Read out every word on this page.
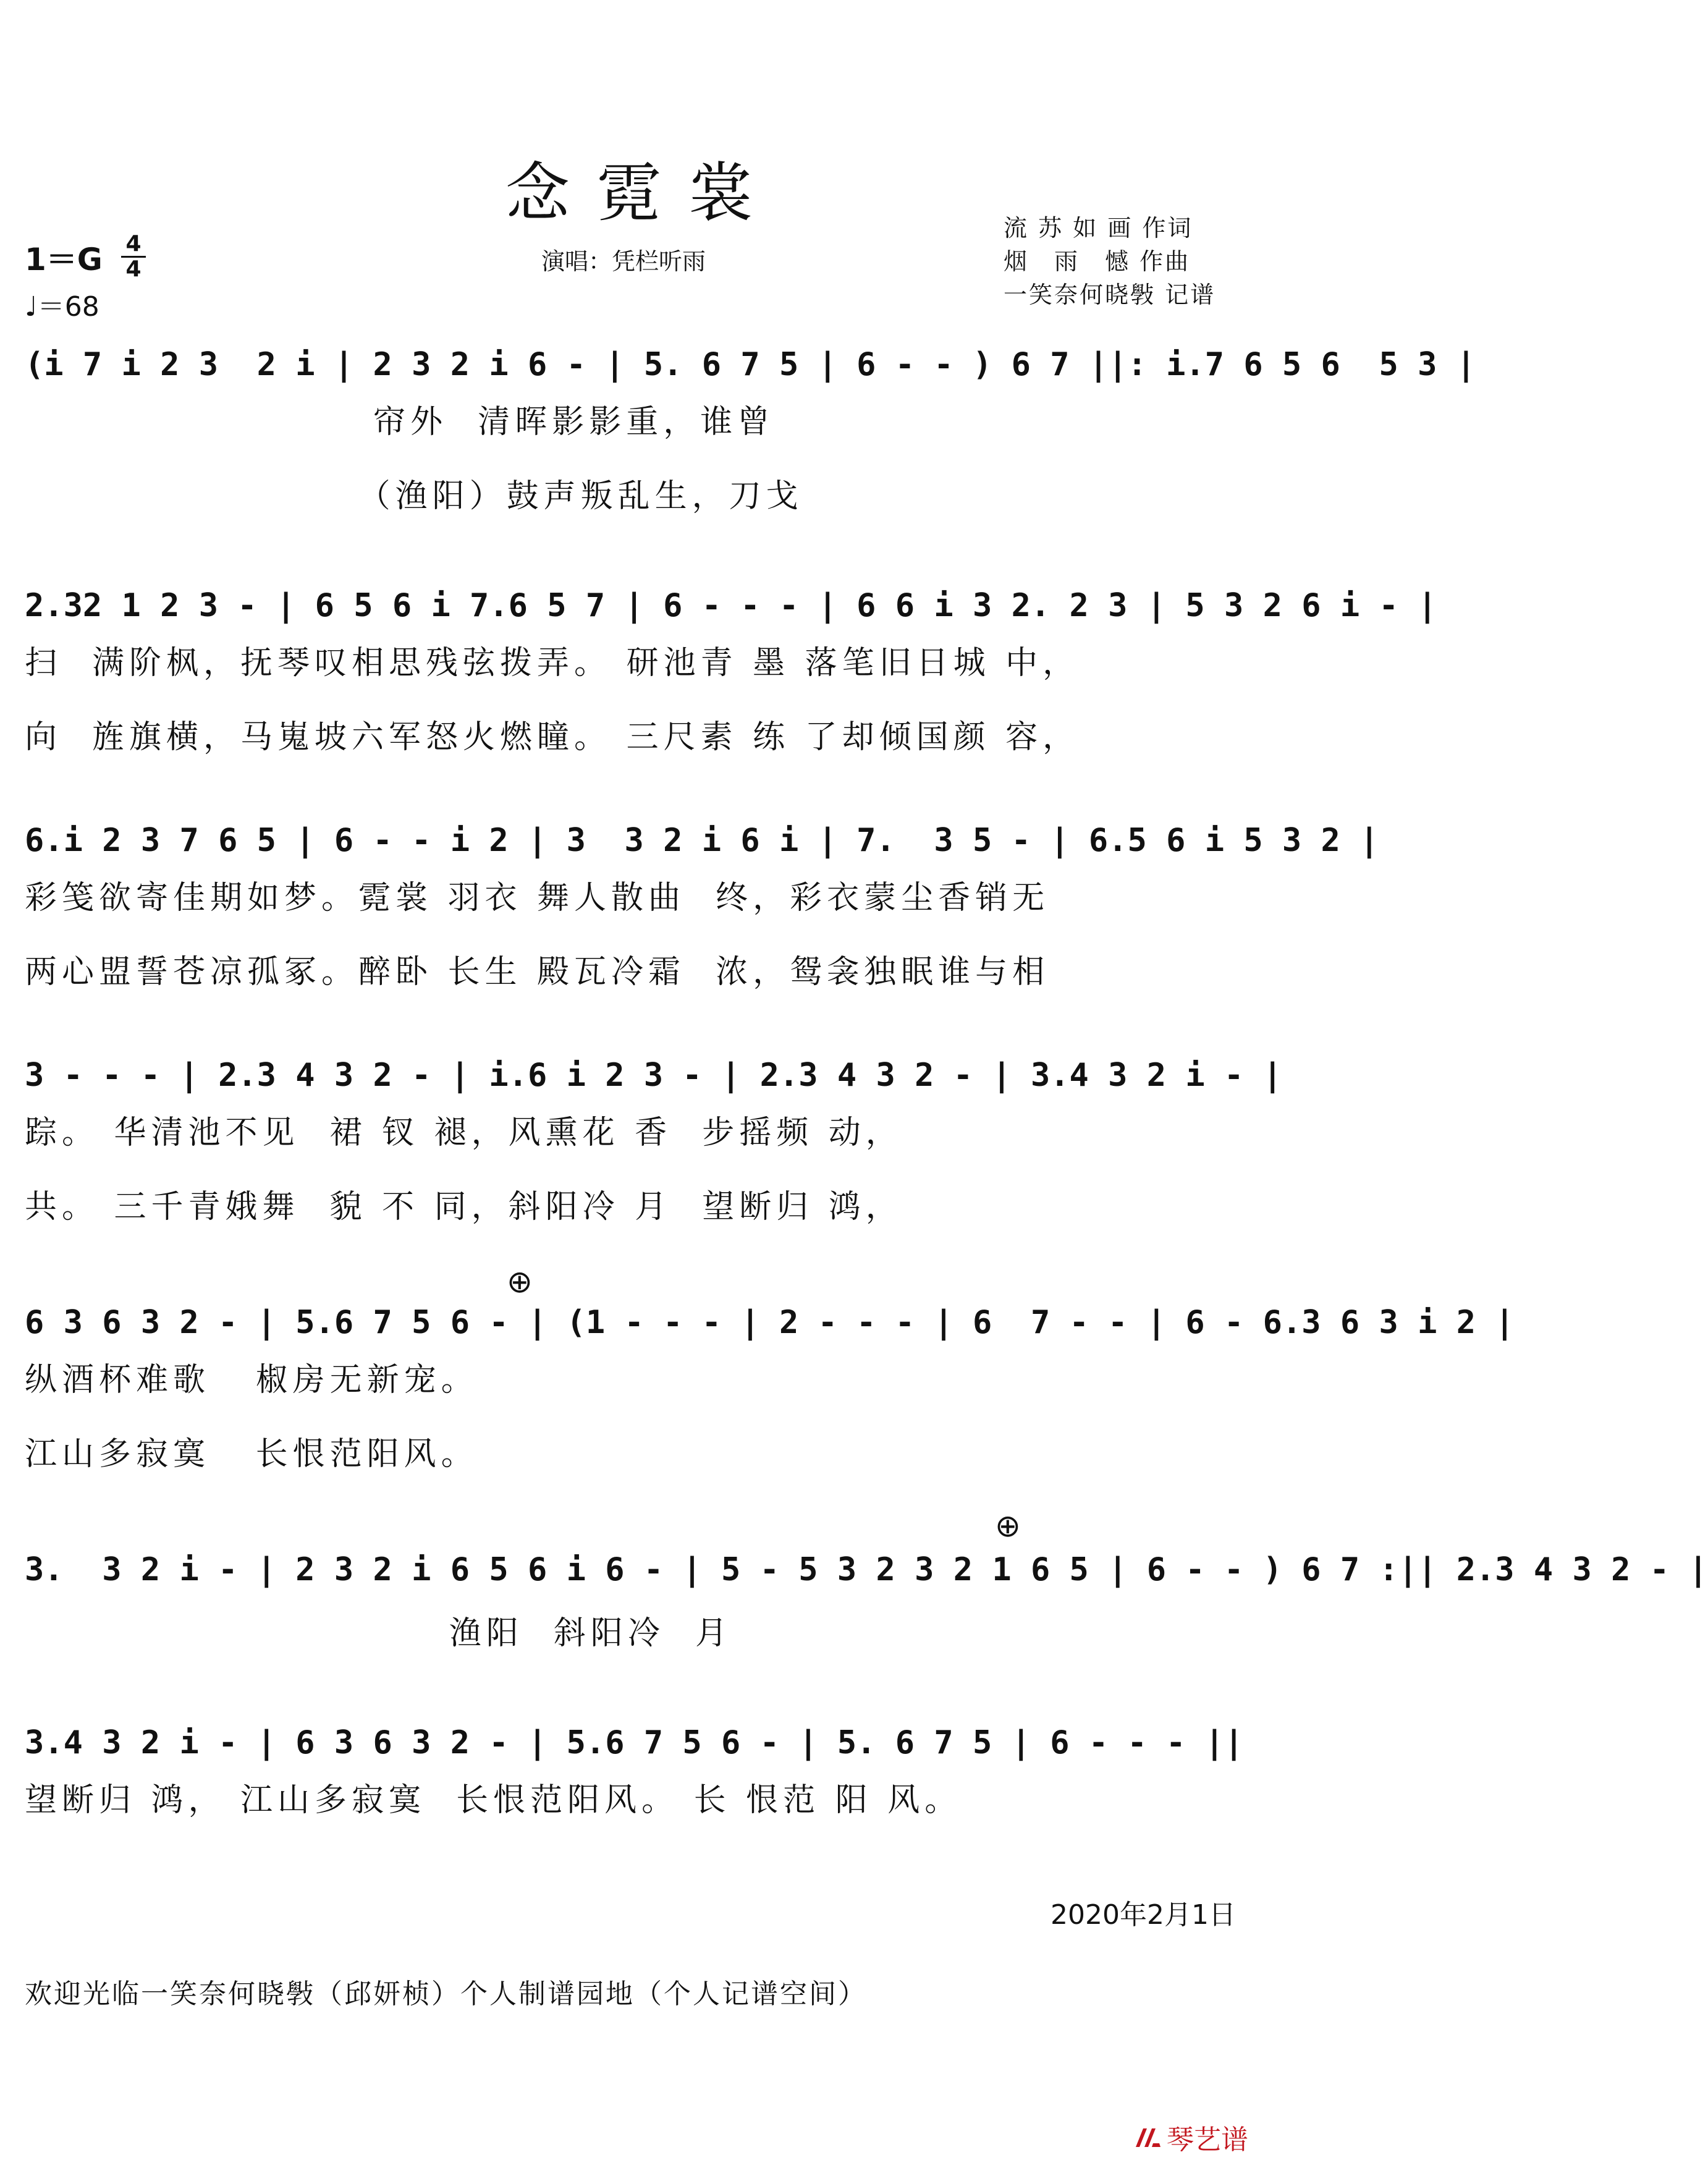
念霓裳
1＝G 4
4
♩＝68
演唱：凭栏听雨
流 苏 如 画 作词
烟　雨　憾 作曲
一笑奈何晓斅 记谱
(i 7 i 2 3  2 i | 2 3 2 i 6 - | 5. 6 7 5 | 6 - - ) 6 7 ||: i.7 6 5 6  5 3 |
帘外  清晖影影重，谁曾
（渔阳）鼓声叛乱生，刀戈
2.32 1 2 3 - | 6 5 6 i 7.6 5 7 | 6 - - - | 6 6 i 3 2. 2 3 | 5 3 2 6 i - |
扫  满阶枫，抚琴叹相思残弦拨弄。 研池青 墨 落笔旧日城 中，
向  旌旗横，马嵬坡六军怒火燃瞳。 三尺素 练 了却倾国颜 容，
6.i 2 3 7 6 5 | 6 - - i 2 | 3  3 2 i 6 i | 7.  3 5 - | 6.5 6 i 5 3 2 |
彩笺欲寄佳期如梦。霓裳 羽衣 舞人散曲  终，彩衣蒙尘香销无
两心盟誓苍凉孤冢。醉卧 长生 殿瓦冷霜  浓，鸳衾独眠谁与相
3 - - - | 2.3 4 3 2 - | i.6 i 2 3 - | 2.3 4 3 2 - | 3.4 3 2 i - |
踪。 华清池不见  裙 钗 褪，风熏花 香  步摇频 动，
共。 三千青娥舞  貌 不 同，斜阳冷 月  望断归 鸿，
⊕
6 3 6 3 2 - | 5.6 7 5 6 - | (1 - - - | 2 - - - | 6  7 - - | 6 - 6.3 6 3 i 2 |
纵酒杯难歌   椒房无新宠。
江山多寂寞   长恨范阳风。
⊕
3.  3 2 i - | 2 3 2 i 6 5 6 i 6 - | 5 - 5 3 2 3 2 1 6 5 | 6 - - ) 6 7 :|| 2.3 4 3 2 - |
渔阳  斜阳冷  月
3.4 3 2 i - | 6 3 6 3 2 - | 5.6 7 5 6 - | 5. 6 7 5 | 6 - - - ||
望断归 鸿， 江山多寂寞  长恨范阳风。 长 恨范 阳 风。
2020年2月1日
欢迎光临一笑奈何晓斅（邱妍桢）个人制谱园地（个人记谱空间）
琴艺谱
